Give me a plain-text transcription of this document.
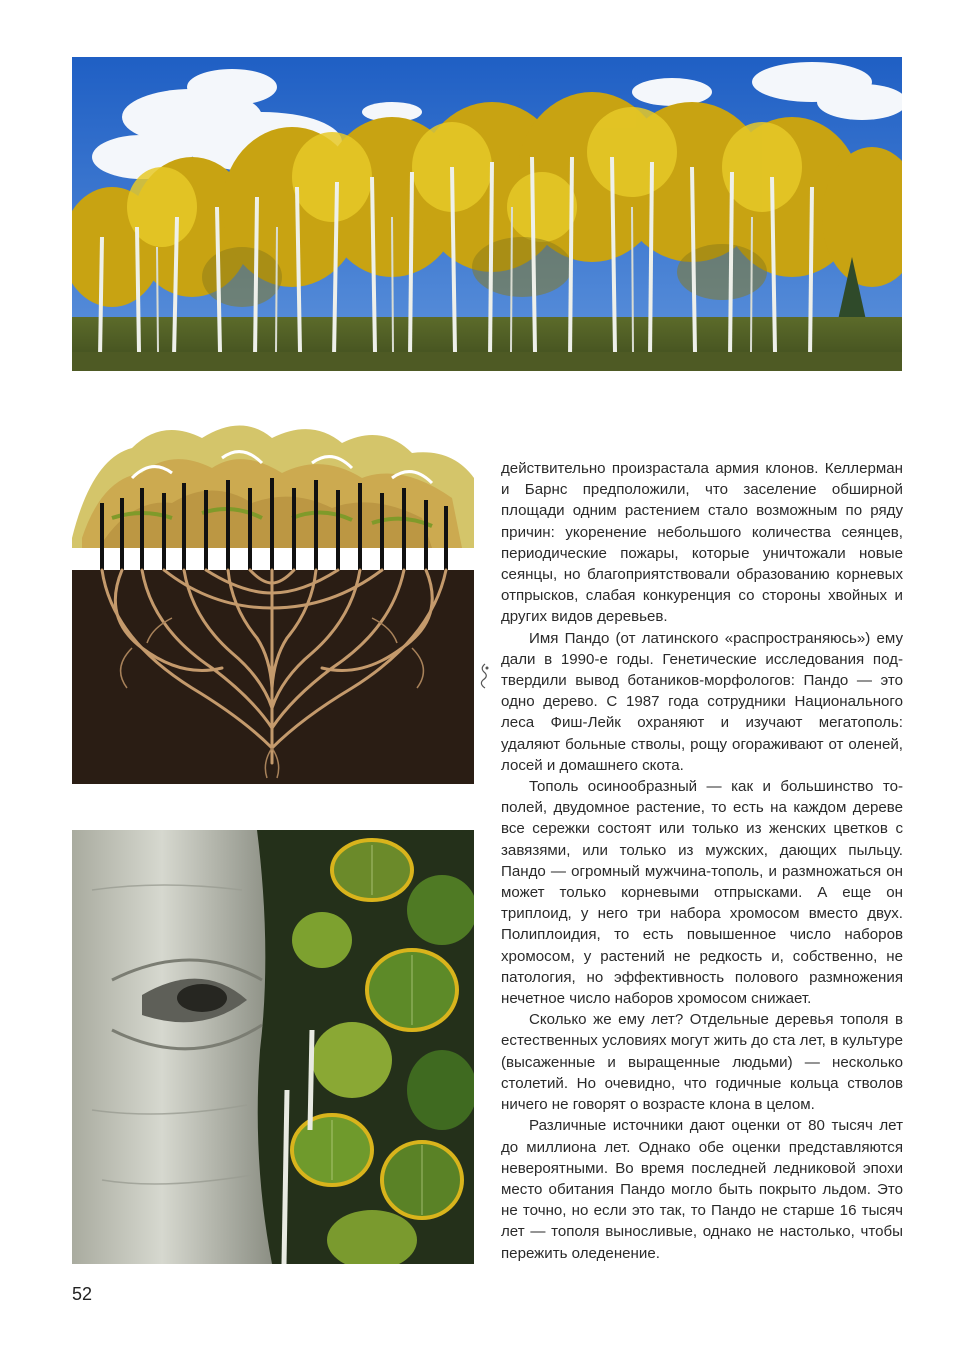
действительно произрастала армия клонов. Келлерман и Барнс предположили, что заселение обширной площади одним растением стало возможным по ряду причин: укоренение небольшого количества сеянцев, периодические пожары, которые уничтожали новые сеянцы, но благоприятствовали образованию корневых отпрысков, слабая конкуренция со стороны хвойных и других видов деревьев.

Имя Пандо (от латинского «распространяюсь») ему дали в 1990-е годы. Генетические исследования подтвердили вывод ботаников-морфологов: Пандо — это одно дерево. С 1987 года сотрудники Национального леса Фиш-Лейк охраняют и изучают мегатополь: удаляют больные стволы, рощу огораживают от оленей, лосей и домашнего скота.

Тополь осинообразный — как и большинство тополей, двудомное растение, то есть на каждом дереве все сережки состоят или только из женских цветков с завязями, или только из мужских, дающих пыльцу. Пандо — огромный мужчина-тополь, и размножаться он может только корневыми отпрысками. А еще он триплоид, у него три набора хромосом вместо двух. Полиплоидия, то есть повышенное число наборов хромосом, у растений не редкость и, собственно, не патология, но эффективность полового размножения нечетное число наборов хромосом снижает.

Сколько же ему лет? Отдельные деревья тополя в естественных условиях могут жить до ста лет, в культуре (высаженные и выращенные людьми) — несколько столетий. Но очевидно, что годичные кольца стволов ничего не говорят о возрасте клона в целом.

Различные источники дают оценки от 80 тысяч лет до миллиона лет. Однако обе оценки представляются невероятными. Во время последней ледниковой эпохи место обитания Пандо могло быть покрыто льдом. Это не точно, но если это так, то Пандо не старше 16 тысяч лет — тополя выносливые, однако не настолько, чтобы пережить оледенение.

52
